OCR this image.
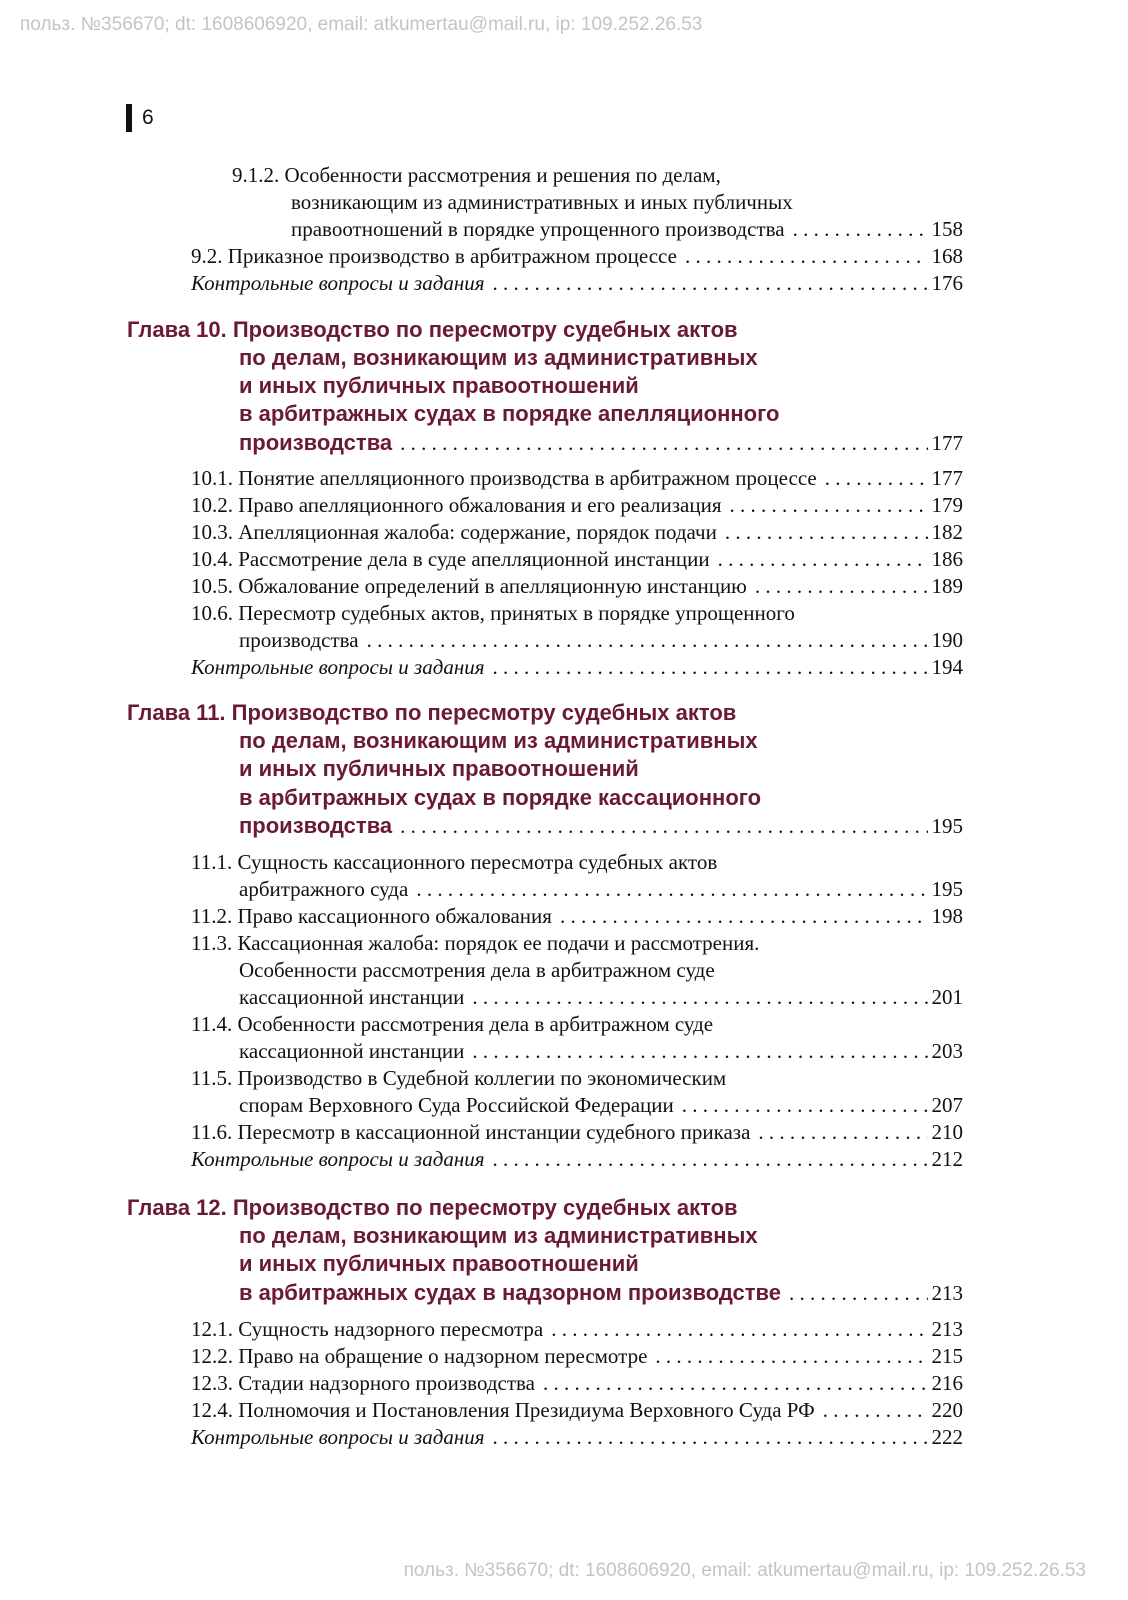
польз. №356670; dt: 1608606920, email: atkumertau@mail.ru, ip: 109.252.26.53
6
9.1.2. Особенности рассмотрения и решения по делам,
возникающим из административных и иных публичных
правоотношений в порядке упрощенного производства . . .	158
9.2. Приказное производство в арбитражном процессе . . .	168
Контрольные вопросы и задания . . .	176
Глава 10. Производство по пересмотру судебных актов
по делам, возникающим из административных
и иных публичных правоотношений
в арбитражных судах в порядке апелляционного
производства . . .	177
10.1. Понятие апелляционного производства в арбитражном процессе . . .	177
10.2. Право апелляционного обжалования и его реализация . . .	179
10.3. Апелляционная жалоба: содержание, порядок подачи . . .	182
10.4. Рассмотрение дела в суде апелляционной инстанции . . .	186
10.5. Обжалование определений в апелляционную инстанцию . . .	189
10.6. Пересмотр судебных актов, принятых в порядке упрощенного
производства . . .	190
Контрольные вопросы и задания . . .	194
Глава 11. Производство по пересмотру судебных актов
по делам, возникающим из административных
и иных публичных правоотношений
в арбитражных судах в порядке кассационного
производства . . .	195
11.1. Сущность кассационного пересмотра судебных актов
арбитражного суда . . .	195
11.2. Право кассационного обжалования . . .	198
11.3. Кассационная жалоба: порядок ее подачи и рассмотрения.
Особенности рассмотрения дела в арбитражном суде
кассационной инстанции . . .	201
11.4. Особенности рассмотрения дела в арбитражном суде
кассационной инстанции . . .	203
11.5. Производство в Судебной коллегии по экономическим
спорам Верховного Суда Российской Федерации . . .	207
11.6. Пересмотр в кассационной инстанции судебного приказа . . .	210
Контрольные вопросы и задания . . .	212
Глава 12. Производство по пересмотру судебных актов
по делам, возникающим из административных
и иных публичных правоотношений
в арбитражных судах в надзорном производстве . . .	213
12.1. Сущность надзорного пересмотра . . .	213
12.2. Право на обращение о надзорном пересмотре . . .	215
12.3. Стадии надзорного производства . . .	216
12.4. Полномочия и Постановления Президиума Верховного Суда РФ . . .	220
Контрольные вопросы и задания . . .	222
польз. №356670; dt: 1608606920, email: atkumertau@mail.ru, ip: 109.252.26.53
